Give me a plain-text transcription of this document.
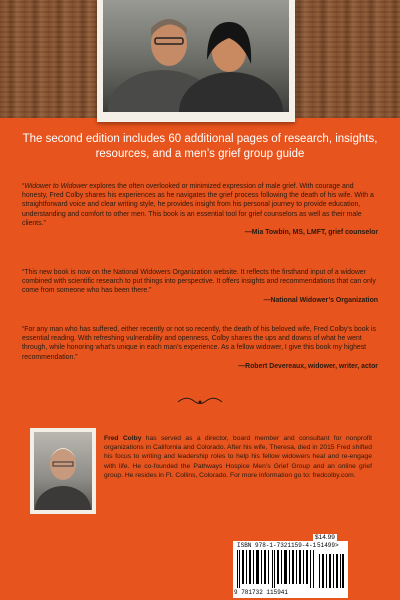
The second edition includes 60 additional pages of research, insights, resources, and a men’s grief group guide
“Widower to Widower explores the often overlooked or minimized expression of male grief. With courage and honesty, Fred Colby shares his experiences as he navigates the grief process following the death of his wife. With a straightforward voice and clear writing style, he provides insight from his personal journey to provide education, understanding and comfort to other men. This book is an essential tool for grief counselors as well as their male clients.”
—Mia Towbin, MS, LMFT, grief counselor
“This new book is now on the National Widowers Organization website. It reflects the firsthand input of a widower combined with scientific research to put things into perspective. It offers insights and recommendations that can only come from someone who has been there.”
—National Widower’s Organization
“For any man who has suffered, either recently or not so recently, the death of his beloved wife, Fred Colby’s book is essential reading. With refreshing vulnerability and openness, Colby shares the ups and downs of what he went through, while honoring what’s unique in each man’s experience. As a fellow widower, I give this book my highest recommendation.”
—Robert Devereaux, widower, writer, actor
Fred Colby has served as a director, board member and consultant for nonprofit organizations in California and Colorado. After his wife, Theresa, died in 2015 Fred shifted his focus to writing and leadership roles to help his fellow widowers heal and re-engage with life. He co-founded the Pathways Hospice Men’s Grief Group and an online grief group. He resides in Ft. Collins, Colorado. For more information go to: fredcolby.com.
$14.99
ISBN 978-1-7321159-4-1 51499>
9 781732 115941
